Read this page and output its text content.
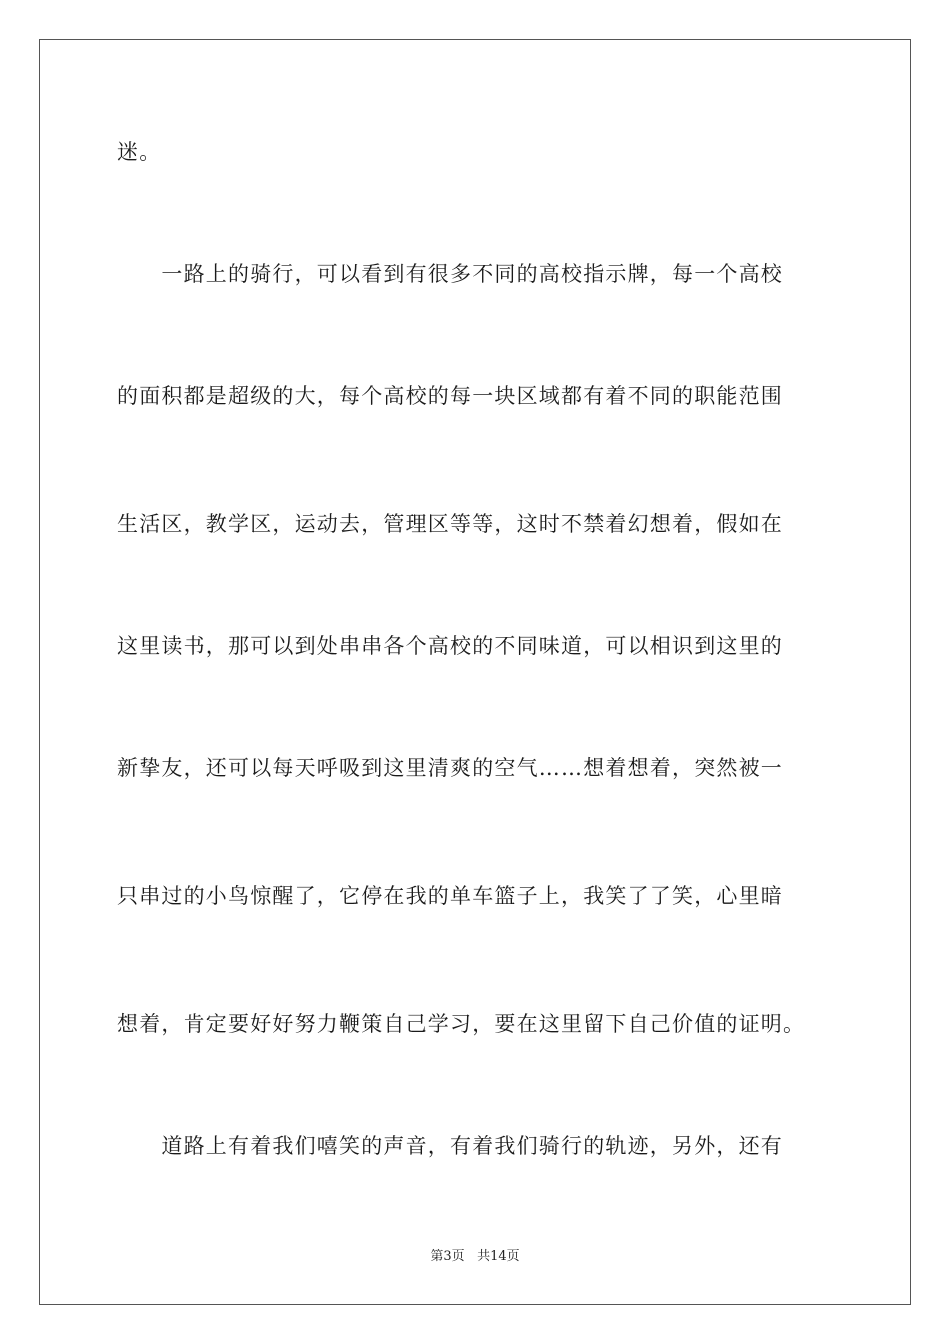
迷。
　　一路上的骑行，可以看到有很多不同的高校指示牌，每一个高校
的面积都是超级的大，每个高校的每一块区域都有着不同的职能范围
生活区，教学区，运动去，管理区等等，这时不禁着幻想着，假如在
这里读书，那可以到处串串各个高校的不同味道，可以相识到这里的
新挚友，还可以每天呼吸到这里清爽的空气……想着想着，突然被一
只串过的小鸟惊醒了，它停在我的单车篮子上，我笑了了笑，心里暗
想着，肯定要好好努力鞭策自己学习，要在这里留下自己价值的证明。
　　道路上有着我们嘻笑的声音，有着我们骑行的轨迹，另外，还有
第3页 共14页
